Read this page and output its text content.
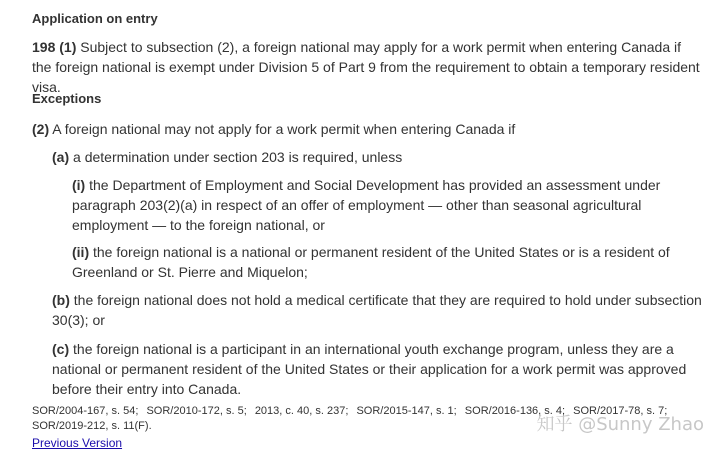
Application on entry
198 (1) Subject to subsection (2), a foreign national may apply for a work permit when entering Canada if the foreign national is exempt under Division 5 of Part 9 from the requirement to obtain a temporary resident visa.
Exceptions
(2) A foreign national may not apply for a work permit when entering Canada if
(a) a determination under section 203 is required, unless
(i) the Department of Employment and Social Development has provided an assessment under paragraph 203(2)(a) in respect of an offer of employment — other than seasonal agricultural employment — to the foreign national, or
(ii) the foreign national is a national or permanent resident of the United States or is a resident of Greenland or St. Pierre and Miquelon;
(b) the foreign national does not hold a medical certificate that they are required to hold under subsection 30(3); or
(c) the foreign national is a participant in an international youth exchange program, unless they are a national or permanent resident of the United States or their application for a work permit was approved before their entry into Canada.
SOR/2004-167, s. 54; SOR/2010-172, s. 5; 2013, c. 40, s. 237; SOR/2015-147, s. 1; SOR/2016-136, s. 4; SOR/2017-78, s. 7; SOR/2019-212, s. 11(F).
Previous Version
知乎 @Sunny Zhao
